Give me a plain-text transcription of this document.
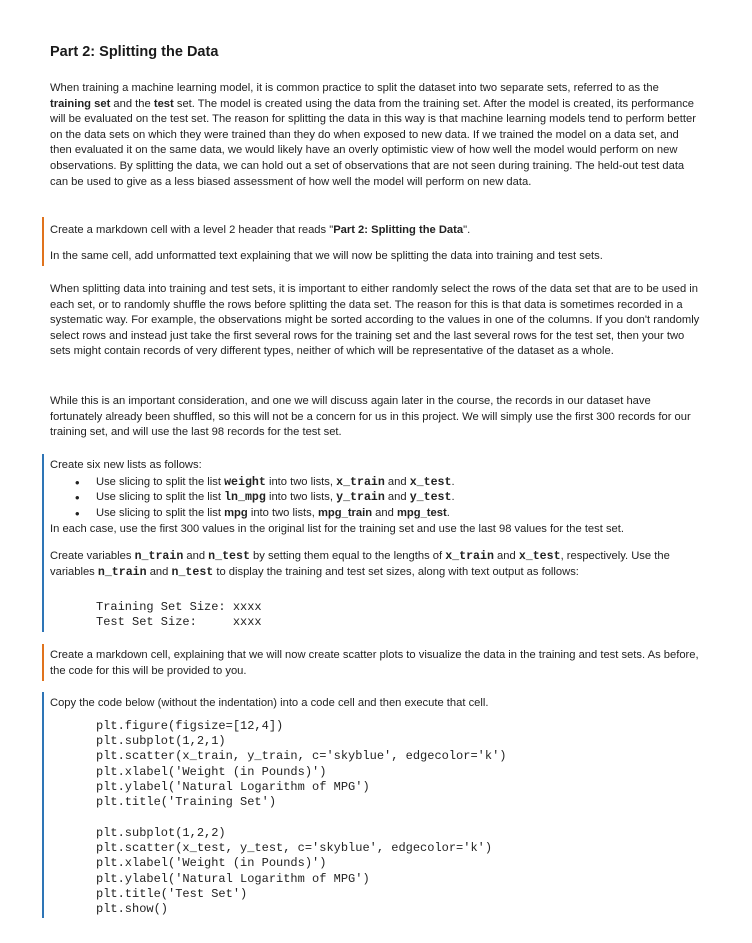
Part 2: Splitting the Data

When training a machine learning model, it is common practice to split the dataset into two separate sets, referred to as the training set and the test set. The model is created using the data from the training set. After the model is created, its performance will be evaluated on the test set. The reason for splitting the data in this way is that machine learning models tend to perform better on the data sets on which they were trained than they do when exposed to new data. If we trained the model on a data set, and then evaluated it on the same data, we would likely have an overly optimistic view of how well the model would perform on new observations. By splitting the data, we can hold out a set of observations that are not seen during training. The held-out test data can be used to give as a less biased assessment of how well the model will perform on new data.

Create a markdown cell with a level 2 header that reads "Part 2: Splitting the Data".

In the same cell, add unformatted text explaining that we will now be splitting the data into training and test sets.

When splitting data into training and test sets, it is important to either randomly select the rows of the data set that are to be used in each set, or to randomly shuffle the rows before splitting the data set. The reason for this is that data is sometimes recorded in a systematic way. For example, the observations might be sorted according to the values in one of the columns. If you don't randomly select rows and instead just take the first several rows for the training set and the last several rows for the test set, then your two sets might contain records of very different types, neither of which will be representative of the dataset as a whole.
While this is an important consideration, and one we will discuss again later in the course, the records in our dataset have fortunately already been shuffled, so this will not be a concern for us in this project. We will simply use the first 300 records for our training set, and will use the last 98 records for the test set.

Create six new lists as follows:

• Use slicing to split the list weight into two lists, x_train and x_test.
• Use slicing to split the list ln_mpg into two lists, y_train and y_test.
• Use slicing to split the list mpg into two lists, mpg_train and mpg_test.

In each case, use the first 300 values in the original list for the training set and use the last 98 values for the test set.

Create variables n_train and n_test by setting them equal to the lengths of x_train and x_test, respectively. Use the variables n_train and n_test to display the training and test set sizes, along with text output as follows:

Training Set Size: xxxx
Test Set Size:     xxxx
Create a markdown cell, explaining that we will now create scatter plots to visualize the data in the training and test sets. As before, the code for this will be provided to you.
Copy the code below (without the indentation) into a code cell and then execute that cell.
plt.figure(figsize=[12,4])
plt.subplot(1,2,1)
plt.scatter(x_train, y_train, c='skyblue', edgecolor='k')
plt.xlabel('Weight (in Pounds)')
plt.ylabel('Natural Logarithm of MPG')
plt.title('Training Set')
plt.subplot(1,2,2)
plt.scatter(x_test, y_test, c='skyblue', edgecolor='k')
plt.xlabel('Weight (in Pounds)')
plt.ylabel('Natural Logarithm of MPG')
plt.title('Test Set')
plt.show()
